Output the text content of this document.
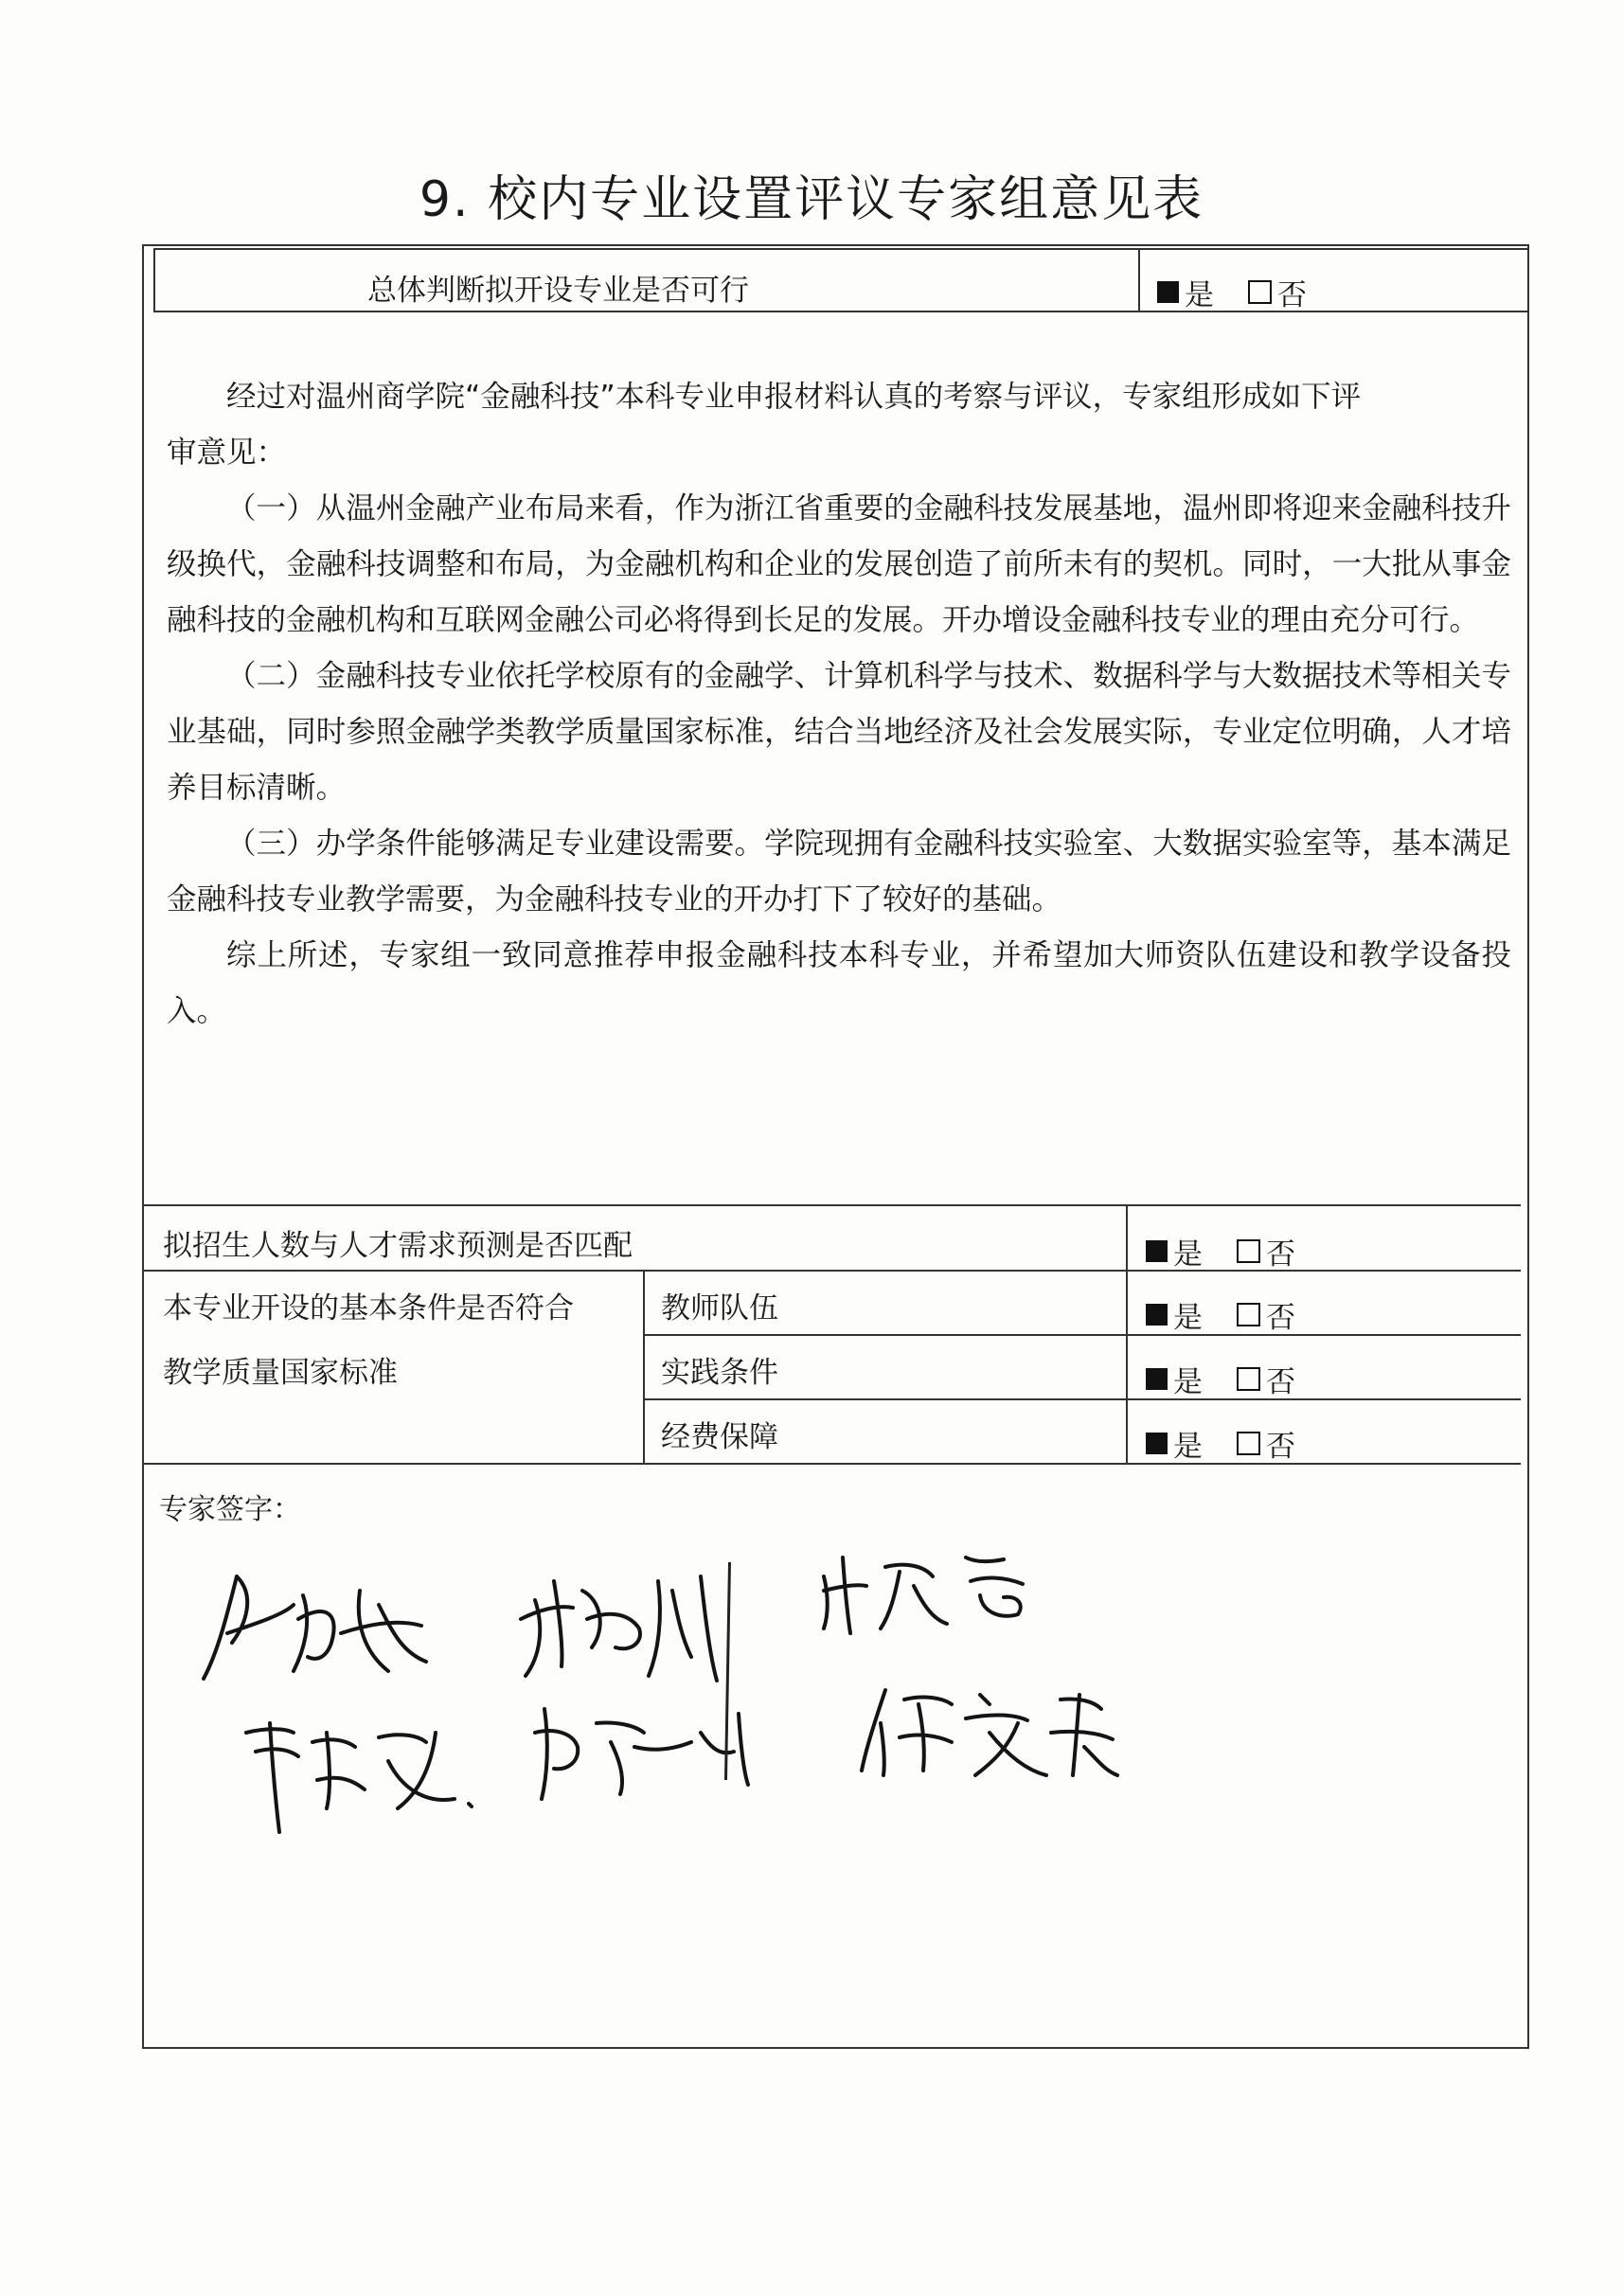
9. 校内专业设置评议专家组意见表
总体判断拟开设专业是否可行	是 否

经过对温州商学院“金融科技”本科专业申报材料认真的考察与评议，专家组形成如下评

审意见：

（一）从温州金融产业布局来看，作为浙江省重要的金融科技发展基地，温州即将迎来金融科技升级换代，金融科技调整和布局，为金融机构和企业的发展创造了前所未有的契机。同时，一大批从事金融科技的金融机构和互联网金融公司必将得到长足的发展。开办增设金融科技专业的理由充分可行。

（二）金融科技专业依托学校原有的金融学、计算机科学与技术、数据科学与大数据技术等相关专业基础，同时参照金融学类教学质量国家标准，结合当地经济及社会发展实际，专业定位明确，人才培养目标清晰。

（三）办学条件能够满足专业建设需要。学院现拥有金融科技实验室、大数据实验室等，基本满足金融科技专业教学需要，为金融科技专业的开办打下了较好的基础。

综上所述，专家组一致同意推荐申报金融科技本科专业，并希望加大师资队伍建设和教学设备投入。

拟招生人数与人才需求预测是否匹配	是 否
本专业开设的基本条件是否符合
教学质量国家标准
教师队伍	是 否
实践条件	是 否
经费保障	是 否
专家签字：
